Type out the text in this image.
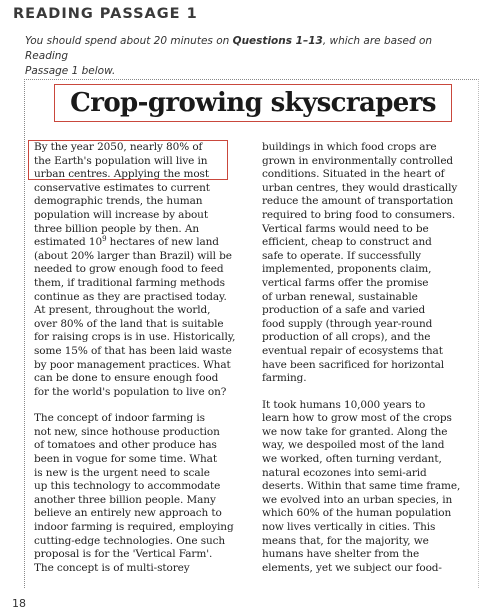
READING PASSAGE 1
You should spend about 20 minutes on Questions 1–13, which are based on Reading
Passage 1 below.
Crop-growing skyscrapers

By the year 2050, nearly 80% of
the Earth's population will live in
urban centres. Applying the most
conservative estimates to current
demographic trends, the human
population will increase by about
three billion people by then. An
estimated $10^9$ hectares of new land
(about 20% larger than Brazil) will be
needed to grow enough food to feed
them, if traditional farming methods
continue as they are practised today.
At present, throughout the world,
over 80% of the land that is suitable
for raising crops is in use. Historically,
some 15% of that has been laid waste
by poor management practices. What
can be done to ensure enough food
for the world's population to live on?

The concept of indoor farming is
not new, since hothouse production
of tomatoes and other produce has
been in vogue for some time. What
is new is the urgent need to scale
up this technology to accommodate
another three billion people. Many
believe an entirely new approach to
indoor farming is required, employing
cutting-edge technologies. One such
proposal is for the 'Vertical Farm'.
The concept is of multi-storey

buildings in which food crops are
grown in environmentally controlled
conditions. Situated in the heart of
urban centres, they would drastically
reduce the amount of transportation
required to bring food to consumers.
Vertical farms would need to be
efficient, cheap to construct and
safe to operate. If successfully
implemented, proponents claim,
vertical farms offer the promise
of urban renewal, sustainable
production of a safe and varied
food supply (through year-round
production of all crops), and the
eventual repair of ecosystems that
have been sacrificed for horizontal
farming.

It took humans 10,000 years to
learn how to grow most of the crops
we now take for granted. Along the
way, we despoiled most of the land
we worked, often turning verdant,
natural ecozones into semi-arid
deserts. Within that same time frame,
we evolved into an urban species, in
which 60% of the human population
now lives vertically in cities. This
means that, for the majority, we
humans have shelter from the
elements, yet we subject our food-

18
